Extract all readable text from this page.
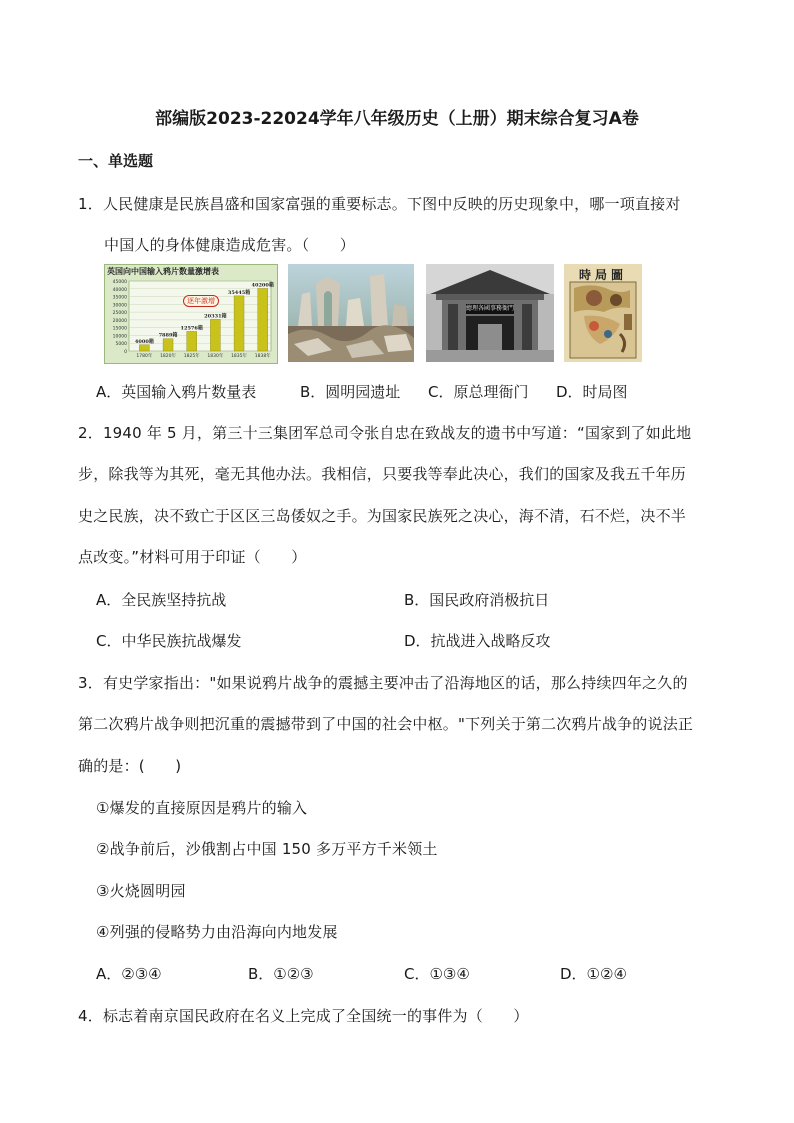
部编版2023-22024学年八年级历史（上册）期末综合复习A卷
一、单选题
1．人民健康是民族昌盛和国家富强的重要标志。下图中反映的历史现象中，哪一项直接对
中国人的身体健康造成危害。（　　）
英国向中国输入鸦片数量激增表
45000
40000
35000
30000
25000
20000
15000
10000
5000
0
4000箱
1780年
7889箱
1820年
12576箱
1825年
20331箱
1830年
35445箱
1835年
40200箱
1838年
逐年激增
總理各國事務衙門
時局圖
A．英国输入鸦片数量表	B．圆明园遗址 C．原总理衙门 D．时局图
2．1940 年 5 月，第三十三集团军总司令张自忠在致战友的遗书中写道：“国家到了如此地
步，除我等为其死，毫无其他办法。我相信，只要我等奉此决心，我们的国家及我五千年历
史之民族，决不致亡于区区三岛倭奴之手。为国家民族死之决心，海不清，石不烂，决不半
点改变。”材料可用于印证（　　）
A．全民族坚持抗战	B．国民政府消极抗日
C．中华民族抗战爆发	D．抗战进入战略反攻
3．有史学家指出："如果说鸦片战争的震撼主要冲击了沿海地区的话，那么持续四年之久的
第二次鸦片战争则把沉重的震撼带到了中国的社会中枢。"下列关于第二次鸦片战争的说法正
确的是：(　　)
①爆发的直接原因是鸦片的输入
②战争前后，沙俄割占中国 150 多万平方千米领土
③火烧圆明园
④列强的侵略势力由沿海向内地发展
A．②③④	B．①②③	C．①③④	D．①②④
4．标志着南京国民政府在名义上完成了全国统一的事件为（　　）
